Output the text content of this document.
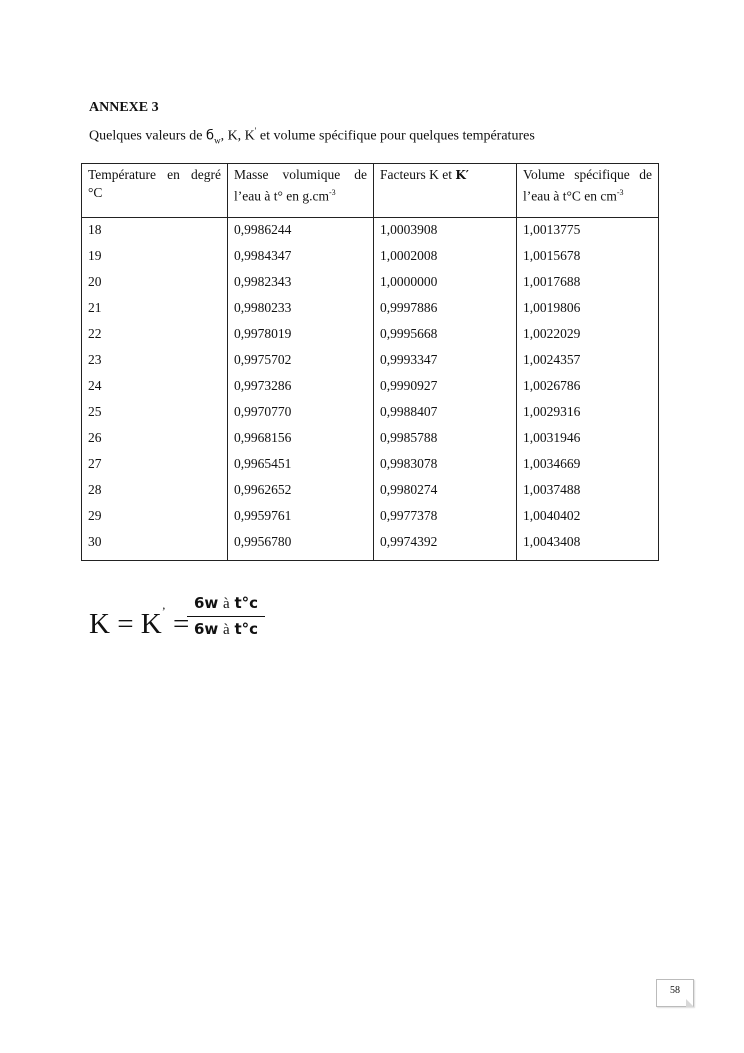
ANNEXE 3
Quelques valeurs de $б_w$, K, K' et volume spécifique pour quelques températures
Température en degré °C	Masse volumique de l’eau à t° en $g.cm^{-3}$	Facteurs K et K′	Volume spécifique de l’eau à t°C en $cm^{-3}$
18	0,9986244	1,0003908	1,0013775
19	0,9984347	1,0002008	1,0015678
20	0,9982343	1,0000000	1,0017688
21	0,9980233	0,9997886	1,0019806
22	0,9978019	0,9995668	1,0022029
23	0,9975702	0,9993347	1,0024357
24	0,9973286	0,9990927	1,0026786
25	0,9970770	0,9988407	1,0029316
26	0,9968156	0,9985788	1,0031946
27	0,9965451	0,9983078	1,0034669
28	0,9962652	0,9980274	1,0037488
29	0,9959761	0,9977378	1,0040402
30	0,9956780	0,9974392	1,0043408
K = K’ =
6w à t°c
6w à t°c
58
